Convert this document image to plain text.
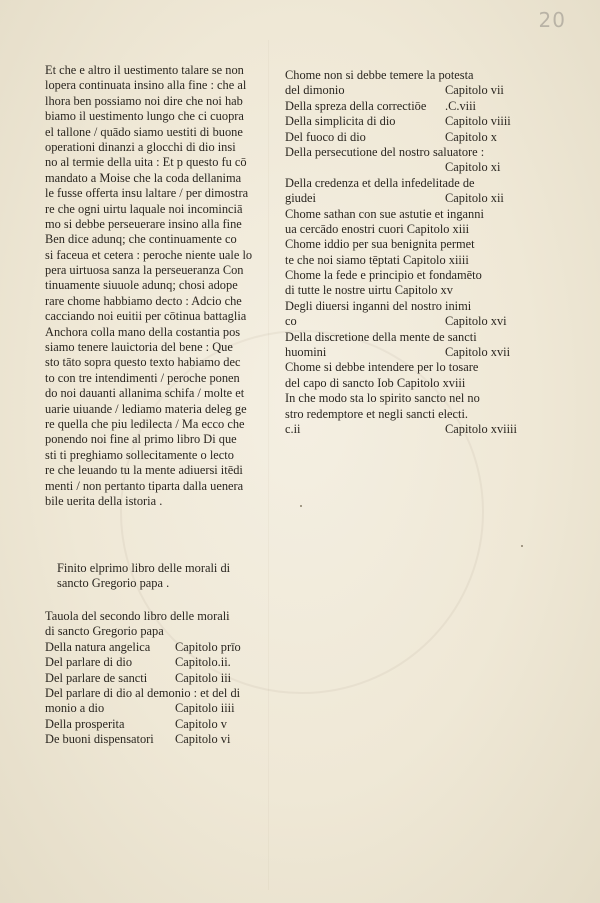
20
Et che e altro il uestimento talare se non
lopera continuata insino alla fine : che al
lhora ben possiamo noi dire che noi hab
biamo il uestimento lungo che ci cuopra
el tallone / quādo siamo uestiti di buone
operationi dinanzi a glocchi di dio insi
no al termie della uita : Et p questo fu cō
mandato a Moise che la coda dellanima
le fusse offerta insu laltare / per dimostra
re che ogni uirtu laquale noi incominciā
mo si debbe perseuerare insino alla fine
Ben dice adunq; che continuamente co
si faceua et cetera : peroche niente uale lo
pera uirtuosa sanza la perseueranza Con
tinuamente siuuole adunq; chosi adope
rare chome habbiamo decto : Adcio che
cacciando noi euitii per cōtinua battaglia
Anchora colla mano della costantia pos
siamo tenere lauictoria del bene : Que
sto tāto sopra questo texto habiamo dec
to con tre intendimenti / peroche ponen
do noi dauanti allanima schifa / molte et
uarie uiuande / lediamo materia deleg ge
re quella che piu ledilecta / Ma ecco che
ponendo noi fine al primo libro Di que
sti ti preghiamo sollecitamente o lecto
re che leuando tu la mente adiuersi itēdi
menti / non pertanto tiparta dalla uenera
bile uerita della istoria .
Finito elprimo libro delle morali di
sancto Gregorio papa .
Tauola del secondo libro delle morali
di sancto Gregorio papa
Della natura angelica	Capitolo prīo
Del parlare di dio	Capitolo.ii.
Del parlare de sancti	Capitolo iii
Del parlare di dio al demonio : et del di
monio a dio	Capitolo iiii
Della prosperita	Capitolo v
De buoni dispensatori	Capitolo vi
Chome non si debbe temere la potesta
del dimonio	Capitolo vii
Della spreza della correctiōe	.C.viii
Della simplicita di dio	Capitolo viiii
Del fuoco di dio	Capitolo x
Della persecutione del nostro saluatore :
Capitolo xi
Della credenza et della infedelitade de
giudei	Capitolo xii
Chome sathan con sue astutie et inganni
ua cercādo enostri cuori Capitolo xiii
Chome iddio per sua benignita permet
te che noi siamo tēptati Capitolo xiiii
Chome la fede e principio et fondamēto
di tutte le nostre uirtu Capitolo xv
Degli diuersi inganni del nostro inimi
co	Capitolo xvi
Della discretione della mente de sancti
huomini	Capitolo xvii
Chome si debbe intendere per lo tosare
del capo di sancto Iob Capitolo xviii
In che modo sta lo spirito sancto nel no
stro redemptore et negli sancti electi.
c.ii	Capitolo xviiii
